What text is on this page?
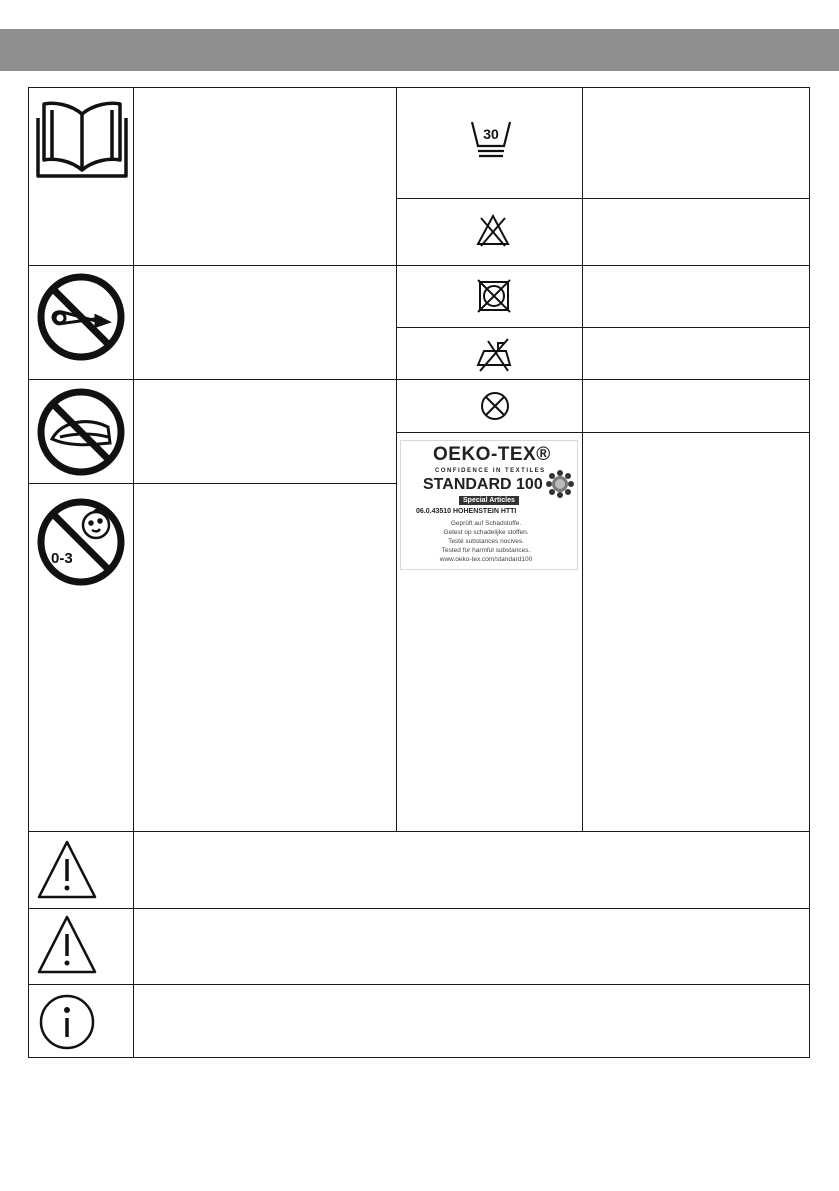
0-3
30
OEKO-TEX®
CONFIDENCE IN TEXTILES
STANDARD 100
Special Articles
06.0.43510 HOHENSTEIN HTTI
Geprüft auf Schadstoffe.
Getest op schadelijke stoffen.
Testé substances nocives.
Tested for harmful substances.
www.oeko-tex.com/standard100
